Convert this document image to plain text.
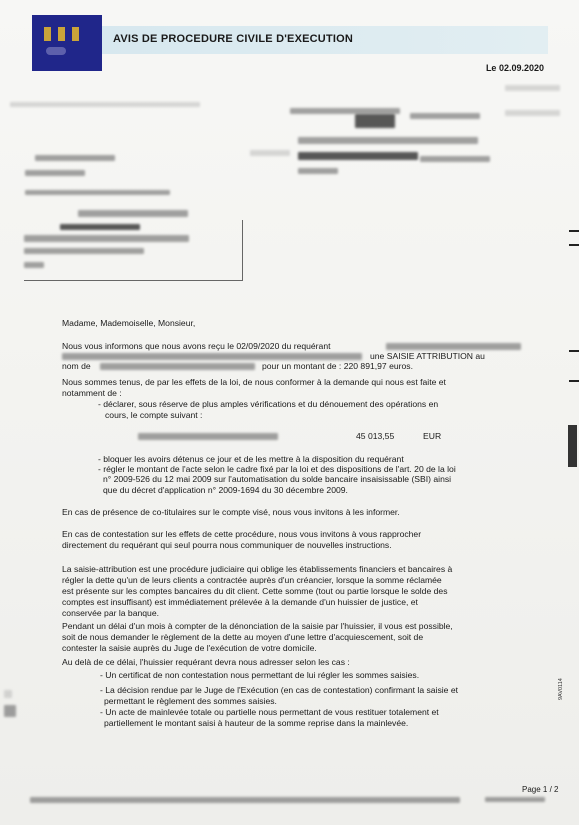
AVIS DE PROCEDURE CIVILE D'EXECUTION
Le 02.09.2020
Madame, Mademoiselle, Monsieur,
Nous vous informons que nous avons reçu le 02/09/2020 du requérant
une SAISIE ATTRIBUTION au
nom de	pour un montant de : 220 891,97 euros.
Nous sommes tenus, de par les effets de la loi, de nous conformer à la demande qui nous est faite et
notamment de :
- déclarer, sous réserve de plus amples vérifications et du dénouement des opérations en
cours, le compte suivant :
45 013,55	EUR
- bloquer les avoirs détenus ce jour et de les mettre à la disposition du requérant
- régler le montant de l'acte selon le cadre fixé par la loi et des dispositions de l'art. 20 de la loi
n° 2009-526 du 12 mai 2009 sur l'automatisation du solde bancaire insaisissable (SBI) ainsi
que du décret d'application n° 2009-1694 du 30 décembre 2009.
En cas de présence de co-titulaires sur le compte visé, nous vous invitons à les informer.
En cas de contestation sur les effets de cette procédure, nous vous invitons à vous rapprocher
directement du requérant qui seul pourra nous communiquer de nouvelles instructions.
La saisie-attribution est une procédure judiciaire qui oblige les établissements financiers et bancaires à
régler la dette qu'un de leurs clients a contractée auprès d'un créancier, lorsque la somme réclamée
est présente sur les comptes bancaires du dit client. Cette somme (tout ou partie lorsque le solde des
comptes est insuffisant) est immédiatement prélevée à la demande d'un huissier de justice, et
conservée par la banque.
Pendant un délai d'un mois à compter de la dénonciation de la saisie par l'huissier, il vous est possible,
soit de nous demander le règlement de la dette au moyen d'une lettre d'acquiescement, soit de
contester la saisie auprès du Juge de l'exécution de votre domicile.
Au delà de ce délai, l'huissier requérant devra nous adresser selon les cas :
- Un certificat de non contestation nous permettant de lui régler les sommes saisies.
- La décision rendue par le Juge de l'Exécution (en cas de contestation) confirmant la saisie et
permettant le règlement des sommes saisies.
- Un acte de mainlevée totale ou partielle nous permettant de vous restituer totalement et
partiellement le montant saisi à hauteur de la somme reprise dans la mainlevée.
9AV0114
Page 1 / 2
